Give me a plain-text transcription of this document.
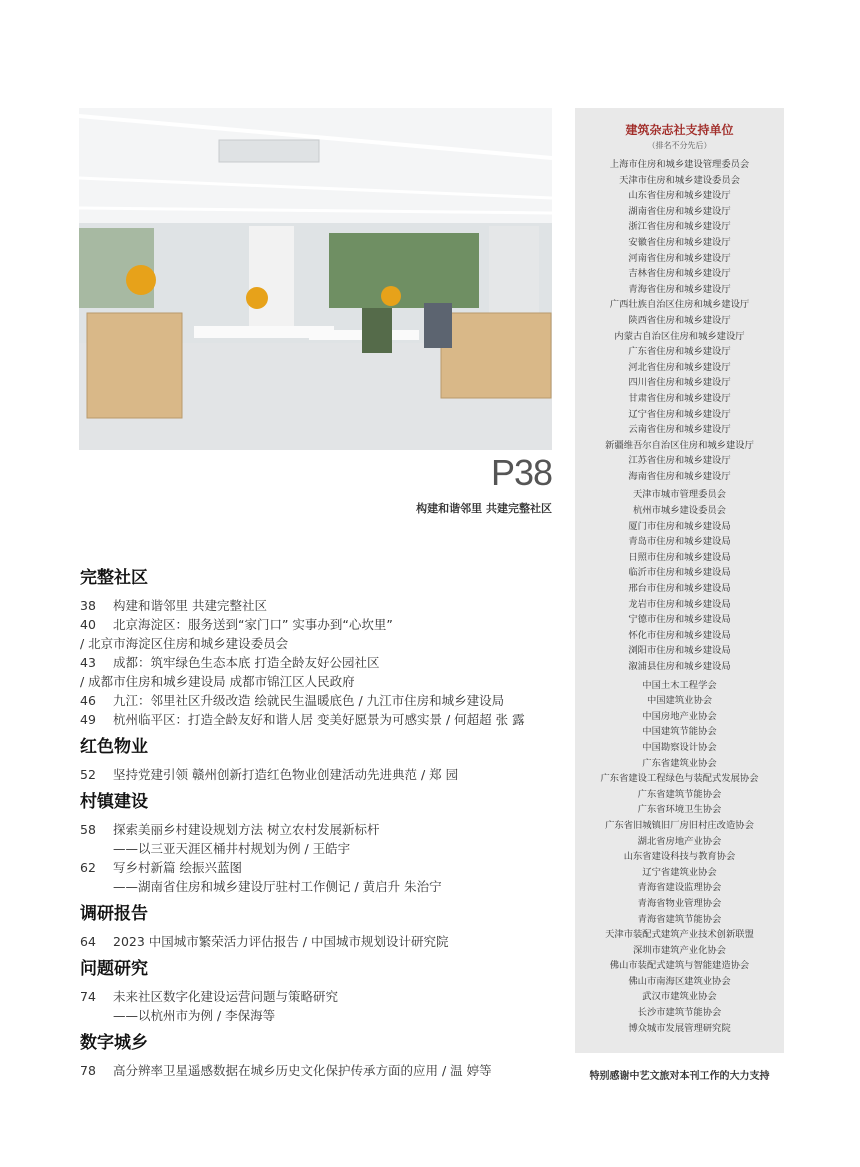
P38
构建和谐邻里 共建完整社区
完整社区
38 构建和谐邻里 共建完整社区
40 北京海淀区：服务送到“家门口” 实事办到“心坎里”
/ 北京市海淀区住房和城乡建设委员会
43 成都：筑牢绿色生态本底 打造全龄友好公园社区
/ 成都市住房和城乡建设局 成都市锦江区人民政府
46 九江：邻里社区升级改造 绘就民生温暖底色 / 九江市住房和城乡建设局
49 杭州临平区：打造全龄友好和谐人居 变美好愿景为可感实景 / 何超超 张 露
红色物业
52 坚持党建引领 赣州创新打造红色物业创建活动先进典范 / 郑 园
村镇建设
58 探索美丽乡村建设规划方法 树立农村发展新标杆
——以三亚天涯区桶井村规划为例 / 王皓宇
62 写乡村新篇 绘振兴蓝图
——湖南省住房和城乡建设厅驻村工作侧记 / 黄启升 朱治宁
调研报告
64 2023 中国城市繁荣活力评估报告 / 中国城市规划设计研究院
问题研究
74 未来社区数字化建设运营问题与策略研究
——以杭州市为例 / 李保海等
数字城乡
78 高分辨率卫星遥感数据在城乡历史文化保护传承方面的应用 / 温 婷等
建筑杂志社支持单位
（排名不分先后）
上海市住房和城乡建设管理委员会
天津市住房和城乡建设委员会
山东省住房和城乡建设厅
湖南省住房和城乡建设厅
浙江省住房和城乡建设厅
安徽省住房和城乡建设厅
河南省住房和城乡建设厅
吉林省住房和城乡建设厅
青海省住房和城乡建设厅
广西壮族自治区住房和城乡建设厅
陕西省住房和城乡建设厅
内蒙古自治区住房和城乡建设厅
广东省住房和城乡建设厅
河北省住房和城乡建设厅
四川省住房和城乡建设厅
甘肃省住房和城乡建设厅
辽宁省住房和城乡建设厅
云南省住房和城乡建设厅
新疆维吾尔自治区住房和城乡建设厅
江苏省住房和城乡建设厅
海南省住房和城乡建设厅
天津市城市管理委员会
杭州市城乡建设委员会
厦门市住房和城乡建设局
青岛市住房和城乡建设局
日照市住房和城乡建设局
临沂市住房和城乡建设局
邢台市住房和城乡建设局
龙岩市住房和城乡建设局
宁德市住房和城乡建设局
怀化市住房和城乡建设局
浏阳市住房和城乡建设局
溆浦县住房和城乡建设局
中国土木工程学会
中国建筑业协会
中国房地产业协会
中国建筑节能协会
中国勘察设计协会
广东省建筑业协会
广东省建设工程绿色与装配式发展协会
广东省建筑节能协会
广东省环境卫生协会
广东省旧城镇旧厂房旧村庄改造协会
湖北省房地产业协会
山东省建设科技与教育协会
辽宁省建筑业协会
青海省建设监理协会
青海省物业管理协会
青海省建筑节能协会
天津市装配式建筑产业技术创新联盟
深圳市建筑产业化协会
佛山市装配式建筑与智能建造协会
佛山市南海区建筑业协会
武汉市建筑业协会
长沙市建筑节能协会
博众城市发展管理研究院
特别感谢中艺文旅对本刊工作的大力支持
